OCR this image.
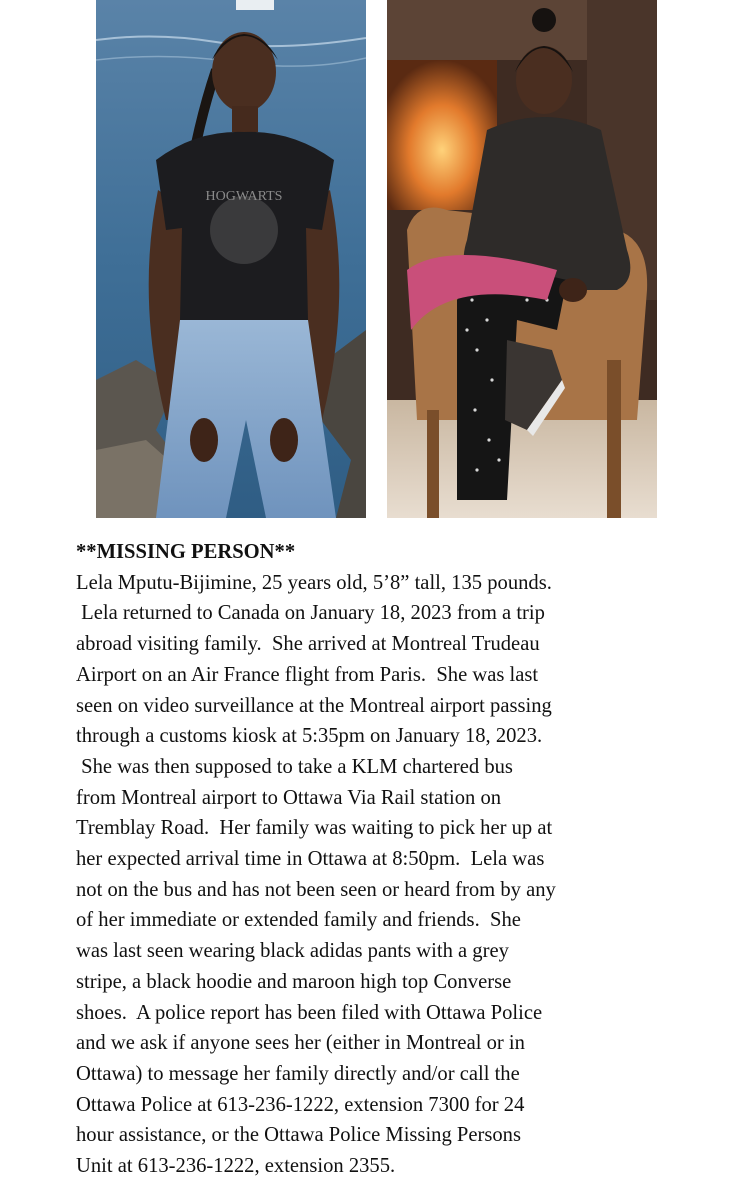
HOGWARTS
**MISSING PERSON**
Lela Mputu-Bijimine, 25 years old, 5’8” tall, 135 pounds.
Lela returned to Canada on January 18, 2023 from a trip
abroad visiting family.  She arrived at Montreal Trudeau
Airport on an Air France flight from Paris.  She was last
seen on video surveillance at the Montreal airport passing
through a customs kiosk at 5:35pm on January 18, 2023.
She was then supposed to take a KLM chartered bus
from Montreal airport to Ottawa Via Rail station on
Tremblay Road.  Her family was waiting to pick her up at
her expected arrival time in Ottawa at 8:50pm.  Lela was
not on the bus and has not been seen or heard from by any
of her immediate or extended family and friends.  She
was last seen wearing black adidas pants with a grey
stripe, a black hoodie and maroon high top Converse
shoes.  A police report has been filed with Ottawa Police
and we ask if anyone sees her (either in Montreal or in
Ottawa) to message her family directly and/or call the
Ottawa Police at 613-236-1222, extension 7300 for 24
hour assistance, or the Ottawa Police Missing Persons
Unit at 613-236-1222, extension 2355.
